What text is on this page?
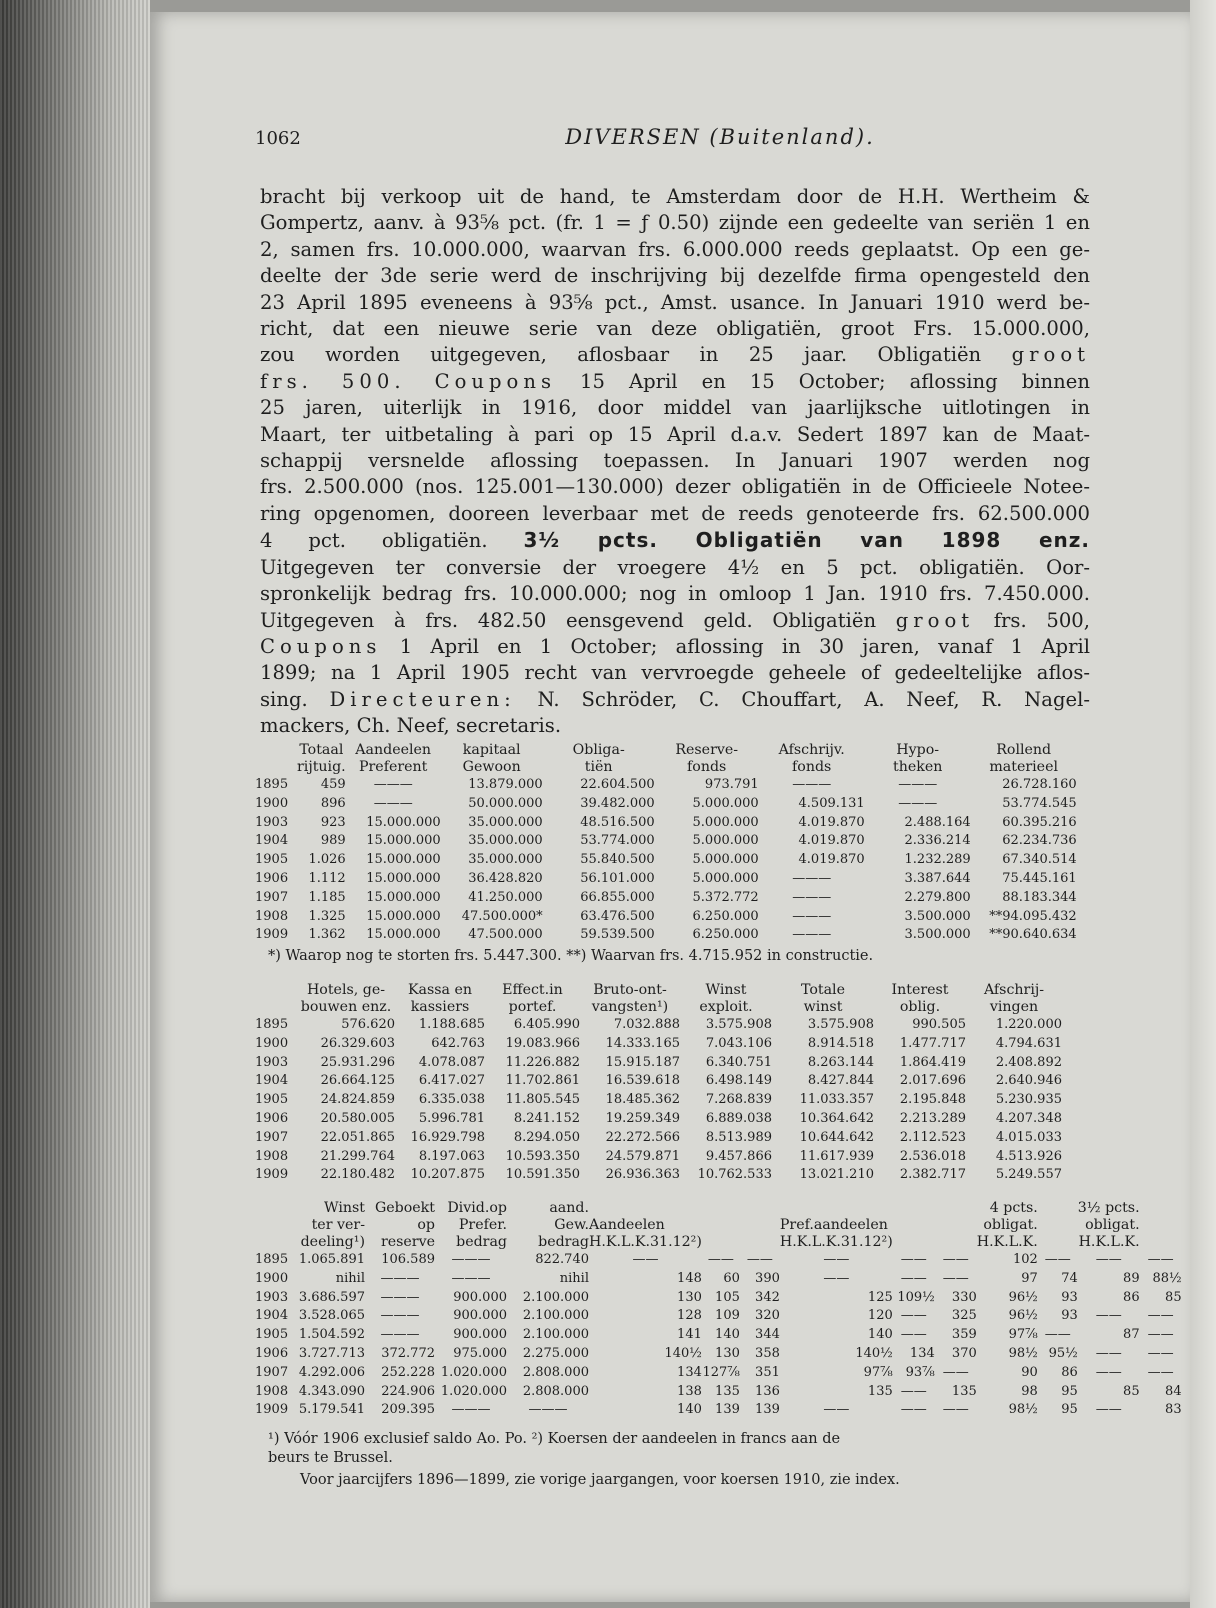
1062	DIVERSEN (Buitenland).

bracht bij verkoop uit de hand, te Amsterdam door de H.H. Wertheim &

Gompertz, aanv. à 93⅝ pct. (fr. 1 = ƒ 0.50) zijnde een gedeelte van seriën 1 en

2, samen frs. 10.000.000, waarvan frs. 6.000.000 reeds geplaatst. Op een ge-

deelte der 3de serie werd de inschrijving bij dezelfde firma opengesteld den

23 April 1895 eveneens à 93⅝ pct., Amst. usance. In Januari 1910 werd be-

richt, dat een nieuwe serie van deze obligatiën, groot Frs. 15.000.000,

zou worden uitgegeven, aflosbaar in 25 jaar. Obligatiën groot

frs. 500. Coupons 15 April en 15 October; aflossing binnen

25 jaren, uiterlijk in 1916, door middel van jaarlijksche uitlotingen in

Maart, ter uitbetaling à pari op 15 April d.a.v. Sedert 1897 kan de Maat-

schappij versnelde aflossing toepassen. In Januari 1907 werden nog

frs. 2.500.000 (nos. 125.001—130.000) dezer obligatiën in de Officieele Notee-

ring opgenomen, dooreen leverbaar met de reeds genoteerde frs. 62.500.000

4 pct. obligatiën. 3½ pcts. Obligatiën van 1898 enz.

Uitgegeven ter conversie der vroegere 4½ en 5 pct. obligatiën. Oor-

spronkelijk bedrag frs. 10.000.000; nog in omloop 1 Jan. 1910 frs. 7.450.000.

Uitgegeven à frs. 482.50 eensgevend geld. Obligatiën groot frs. 500,

Coupons 1 April en 1 October; aflossing in 30 jaren, vanaf 1 April

1899; na 1 April 1905 recht van vervroegde geheele of gedeeltelijke aflos-

sing. Directeuren: N. Schröder, C. Chouffart, A. Neef, R. Nagel-

mackers, Ch. Neef, secretaris.

	Totaal	Aandeelen	kapitaal	Obliga-	Reserve-	Afschrijv.	Hypo-	Rollend
	rijtuig.	Preferent	Gewoon	tiën	fonds	fonds	theken	materieel
1895	459	———	13.879.000	22.604.500	973.791	———	———	26.728.160
1900	896	———	50.000.000	39.482.000	5.000.000	4.509.131	———	53.774.545
1903	923	15.000.000	35.000.000	48.516.500	5.000.000	4.019.870	2.488.164	60.395.216
1904	989	15.000.000	35.000.000	53.774.000	5.000.000	4.019.870	2.336.214	62.234.736
1905	1.026	15.000.000	35.000.000	55.840.500	5.000.000	4.019.870	1.232.289	67.340.514
1906	1.112	15.000.000	36.428.820	56.101.000	5.000.000	———	3.387.644	75.445.161
1907	1.185	15.000.000	41.250.000	66.855.000	5.372.772	———	2.279.800	88.183.344
1908	1.325	15.000.000	47.500.000*	63.476.500	6.250.000	———	3.500.000	**94.095.432
1909	1.362	15.000.000	47.500.000	59.539.500	6.250.000	———	3.500.000	**90.640.634
*) Waarop nog te storten frs. 5.447.300. **) Waarvan frs. 4.715.952 in constructie.
	Hotels, ge-	Kassa en	Effect.in	Bruto-ont-	Winst	Totale	Interest	Afschrij-
	bouwen enz.	kassiers	portef.	vangsten¹)	exploit.	winst	oblig.	vingen
1895	576.620	1.188.685	6.405.990	7.032.888	3.575.908	3.575.908	990.505	1.220.000
1900	26.329.603	642.763	19.083.966	14.333.165	7.043.106	8.914.518	1.477.717	4.794.631
1903	25.931.296	4.078.087	11.226.882	15.915.187	6.340.751	8.263.144	1.864.419	2.408.892
1904	26.664.125	6.417.027	11.702.861	16.539.618	6.498.149	8.427.844	2.017.696	2.640.946
1905	24.824.859	6.335.038	11.805.545	18.485.362	7.268.839	11.033.357	2.195.848	5.230.935
1906	20.580.005	5.996.781	8.241.152	19.259.349	6.889.038	10.364.642	2.213.289	4.207.348
1907	22.051.865	16.929.798	8.294.050	22.272.566	8.513.989	10.644.642	2.112.523	4.015.033
1908	21.299.764	8.197.063	10.593.350	24.579.871	9.457.866	11.617.939	2.536.018	4.513.926
1909	22.180.482	10.207.875	10.591.350	26.936.363	10.762.533	13.021.210	2.382.717	5.249.557
	Winst	Geboekt	Divid.op	aand.							4 pcts.		3½ pcts.	
	ter ver-	op	Prefer.	Gew.	Aandeelen			Pref.aandeelen			obligat.		obligat.	
	deeling¹)	reserve	bedrag	bedrag	H.K.L.K.31.12²)			H.K.L.K.31.12²)			H.K.L.K.		H.K.L.K.	
1895	1.065.891	106.589	———	822.740	——	——	——	——	——	——	102	——	——	——
1900	nihil	———	———	nihil	148	60	390	——	——	——	97	74	89	88½
1903	3.686.597	———	900.000	2.100.000	130	105	342	125	109½	330	96½	93	86	85
1904	3.528.065	———	900.000	2.100.000	128	109	320	120	——	325	96½	93	——	——
1905	1.504.592	———	900.000	2.100.000	141	140	344	140	——	359	97⅞	——	87	——
1906	3.727.713	372.772	975.000	2.275.000	140½	130	358	140½	134	370	98½	95½	——	——
1907	4.292.006	252.228	1.020.000	2.808.000	134	127⅞	351	97⅞	93⅞	——	90	86	——	——
1908	4.343.090	224.906	1.020.000	2.808.000	138	135	136	135	——	135	98	95	85	84
1909	5.179.541	209.395	———	———	140	139	139	——	——	——	98½	95	——	83
¹) Vóór 1906 exclusief saldo Ao. Po. ²) Koersen der aandeelen in francs aan de
beurs te Brussel.
Voor jaarcijfers 1896—1899, zie vorige jaargangen, voor koersen 1910, zie index.
